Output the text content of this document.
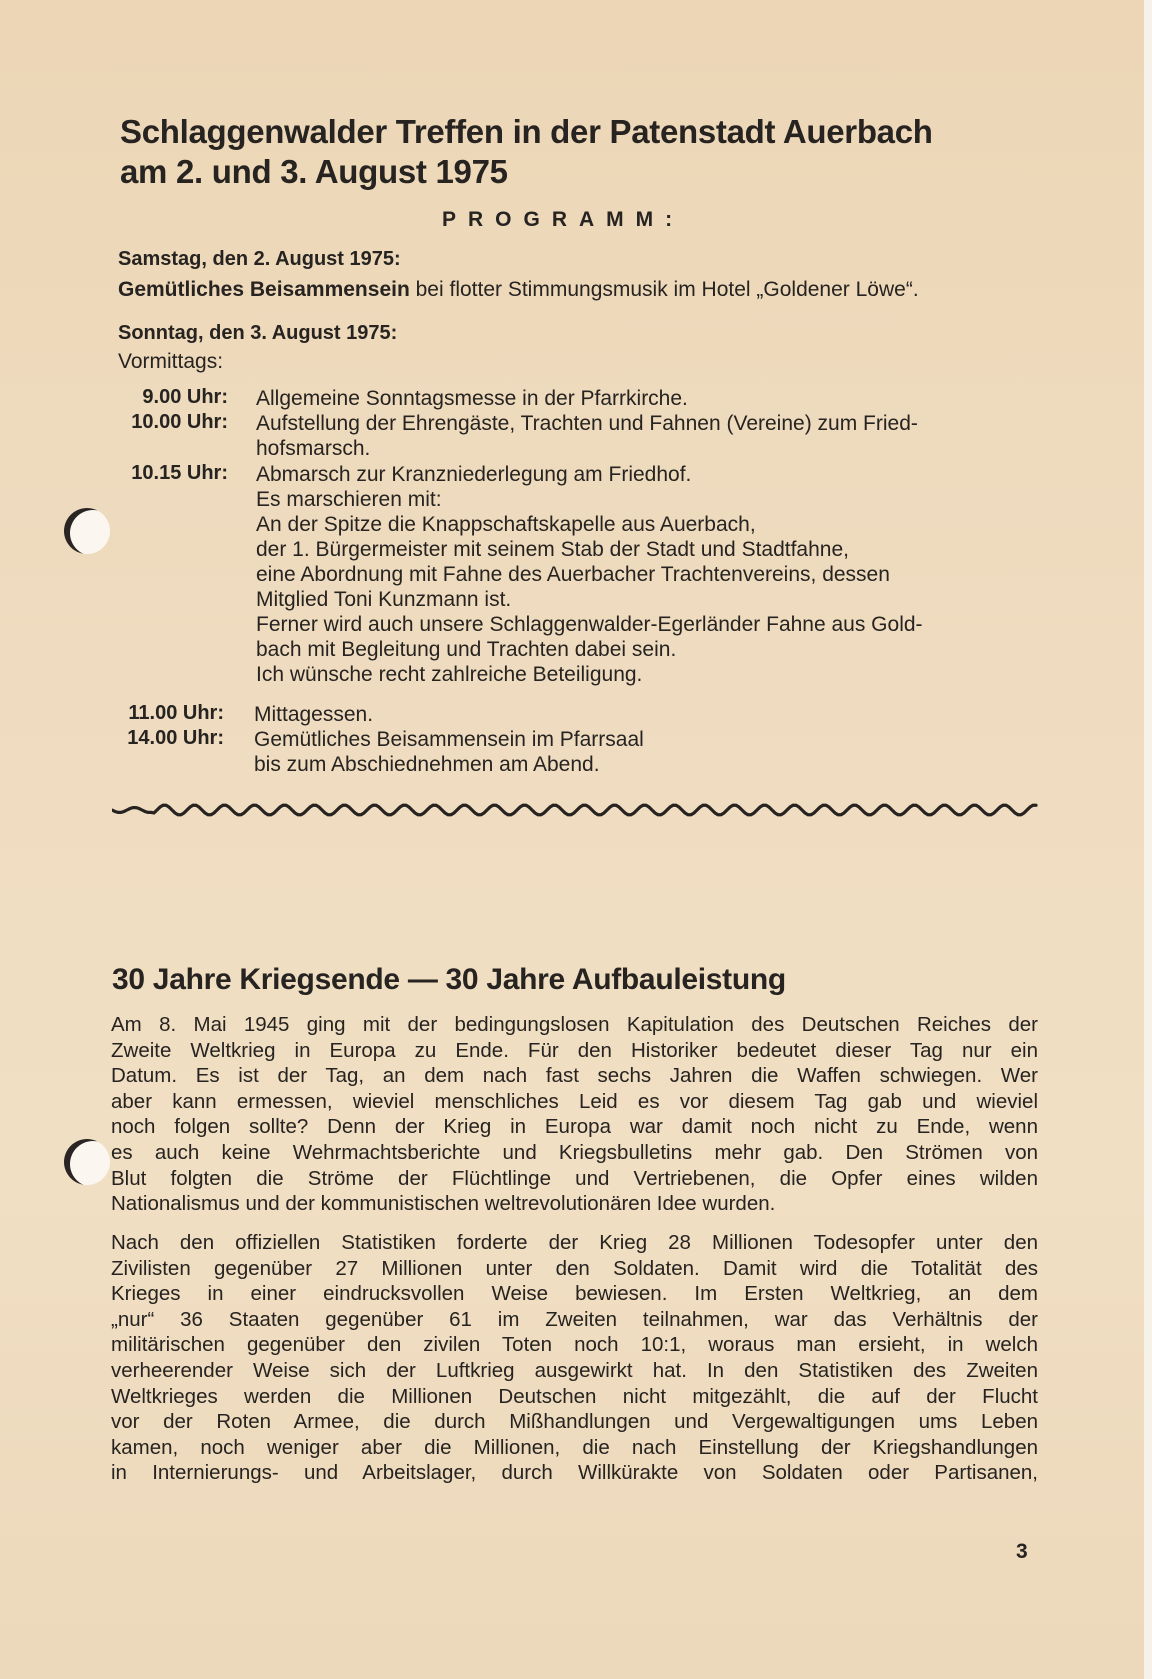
Schlaggenwalder Treffen in der Patenstadt Auerbach
am 2. und 3. August 1975
PROGRAMM:
Samstag, den 2. August 1975:
Gemütliches Beisammensein bei flotter Stimmungsmusik im Hotel „Goldener Löwe“.
Sonntag, den 3. August 1975:
Vormittags:
9.00 Uhr: Allgemeine Sonntagsmesse in der Pfarrkirche.
10.00 Uhr: Aufstellung der Ehrengäste, Trachten und Fahnen (Vereine) zum Fried-
hofsmarsch.
10.15 Uhr: Abmarsch zur Kranzniederlegung am Friedhof.
Es marschieren mit:
An der Spitze die Knappschaftskapelle aus Auerbach,
der 1. Bürgermeister mit seinem Stab der Stadt und Stadtfahne,
eine Abordnung mit Fahne des Auerbacher Trachtenvereins, dessen
Mitglied Toni Kunzmann ist.
Ferner wird auch unsere Schlaggenwalder-Egerländer Fahne aus Gold-
bach mit Begleitung und Trachten dabei sein.
Ich wünsche recht zahlreiche Beteiligung.
11.00 Uhr: Mittagessen.
14.00 Uhr: Gemütliches Beisammensein im Pfarrsaal
bis zum Abschiednehmen am Abend.
30 Jahre Kriegsende — 30 Jahre Aufbauleistung
Am 8. Mai 1945 ging mit der bedingungslosen Kapitulation des Deutschen Reiches der
Zweite Weltkrieg in Europa zu Ende. Für den Historiker bedeutet dieser Tag nur ein
Datum. Es ist der Tag, an dem nach fast sechs Jahren die Waffen schwiegen. Wer
aber kann ermessen, wieviel menschliches Leid es vor diesem Tag gab und wieviel
noch folgen sollte? Denn der Krieg in Europa war damit noch nicht zu Ende, wenn
es auch keine Wehrmachtsberichte und Kriegsbulletins mehr gab. Den Strömen von
Blut folgten die Ströme der Flüchtlinge und Vertriebenen, die Opfer eines wilden
Nationalismus und der kommunistischen weltrevolutionären Idee wurden.
Nach den offiziellen Statistiken forderte der Krieg 28 Millionen Todesopfer unter den
Zivilisten gegenüber 27 Millionen unter den Soldaten. Damit wird die Totalität des
Krieges in einer eindrucksvollen Weise bewiesen. Im Ersten Weltkrieg, an dem
„nur“ 36 Staaten gegenüber 61 im Zweiten teilnahmen, war das Verhältnis der
militärischen gegenüber den zivilen Toten noch 10:1, woraus man ersieht, in welch
verheerender Weise sich der Luftkrieg ausgewirkt hat. In den Statistiken des Zweiten
Weltkrieges werden die Millionen Deutschen nicht mitgezählt, die auf der Flucht
vor der Roten Armee, die durch Mißhandlungen und Vergewaltigungen ums Leben
kamen, noch weniger aber die Millionen, die nach Einstellung der Kriegshandlungen
in Internierungs- und Arbeitslager, durch Willkürakte von Soldaten oder Partisanen,
3
